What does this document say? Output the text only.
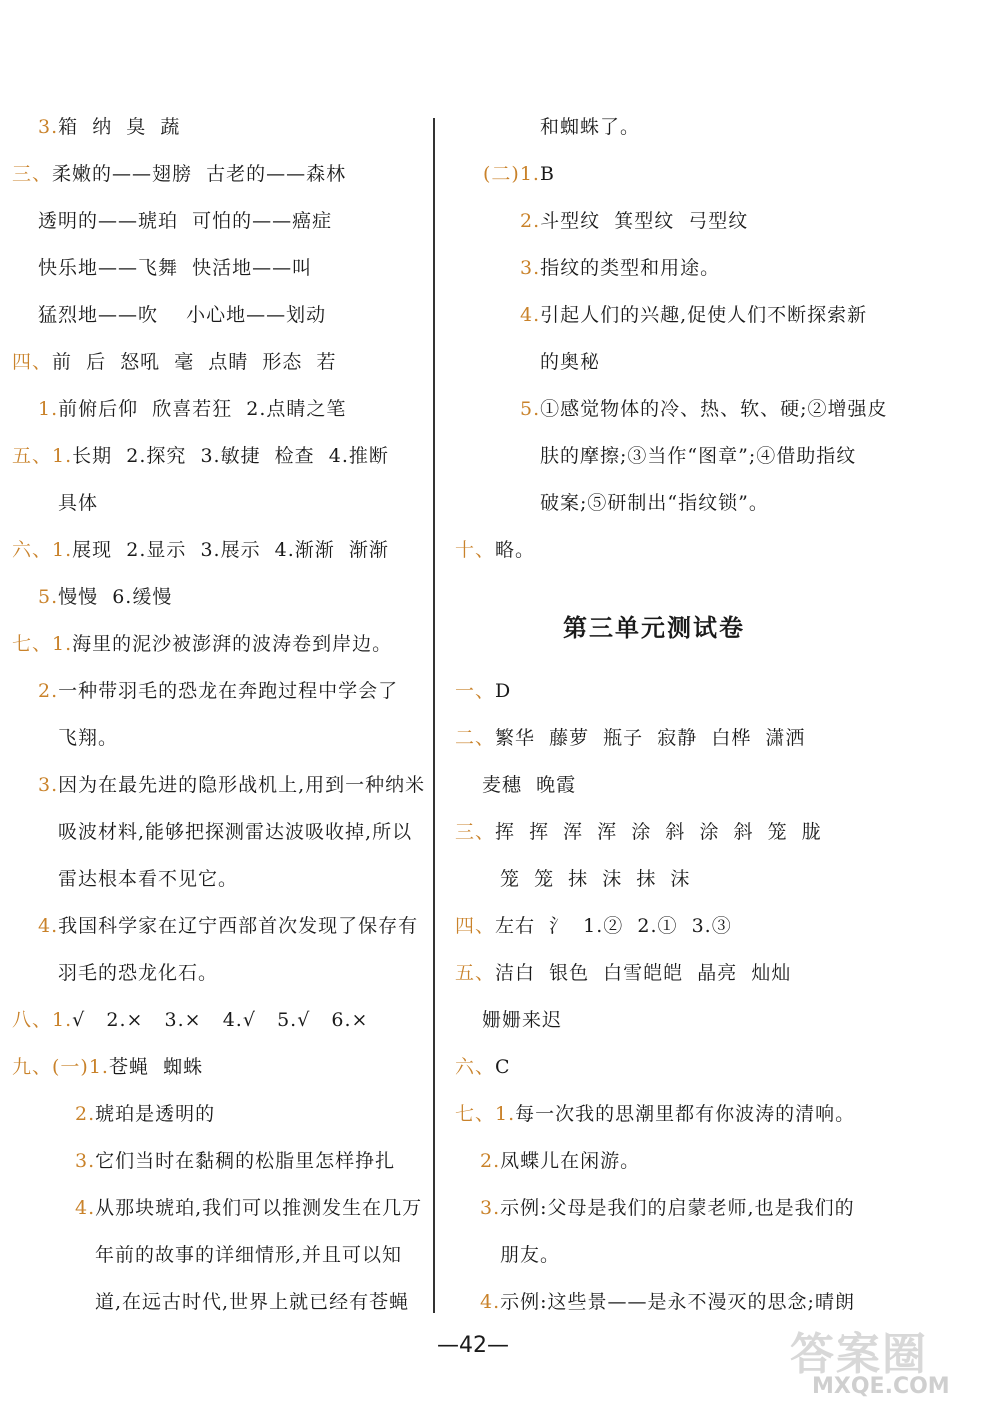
3.箱  纳  臭  蔬
三、柔嫩的——翅膀  古老的——森林
透明的——琥珀  可怕的——癌症
快乐地——飞舞  快活地——叫
猛烈地——吹    小心地——划动
四、前  后  怒吼  毫  点睛  形态  若
1.前俯后仰  欣喜若狂  2.点睛之笔
五、1.长期  2.探究  3.敏捷  检查  4.推断
具体
六、1.展现  2.显示  3.展示  4.渐渐  渐渐
5.慢慢  6.缓慢
七、1.海里的泥沙被澎湃的波涛卷到岸边。
2.一种带羽毛的恐龙在奔跑过程中学会了
飞翔。
3.因为在最先进的隐形战机上,用到一种纳米
吸波材料,能够把探测雷达波吸收掉,所以
雷达根本看不见它。
4.我国科学家在辽宁西部首次发现了保存有
羽毛的恐龙化石。
八、1.√   2.×   3.×   4.√   5.√   6.×
九、(一)1.苍蝇  蜘蛛
2.琥珀是透明的
3.它们当时在黏稠的松脂里怎样挣扎
4.从那块琥珀,我们可以推测发生在几万
年前的故事的详细情形,并且可以知
道,在远古时代,世界上就已经有苍蝇
和蜘蛛了。
(二)1.B
2.斗型纹  箕型纹  弓型纹
3.指纹的类型和用途。
4.引起人们的兴趣,促使人们不断探索新
的奥秘
5.①感觉物体的冷、热、软、硬;②增强皮
肤的摩擦;③当作“图章”;④借助指纹
破案;⑤研制出“指纹锁”。
十、略。
第三单元测试卷
一、D
二、繁华  藤萝  瓶子  寂静  白桦  潇洒
麦穗  晚霞
三、挥  挥  浑  浑  涂  斜  涂  斜  笼  胧
笼  笼  抹  沫  抹  沫
四、左右  氵  1.②  2.①  3.③
五、洁白  银色  白雪皑皑  晶亮  灿灿
姗姗来迟
六、C
七、1.每一次我的思潮里都有你波涛的清响。
2.凤蝶儿在闲游。
3.示例:父母是我们的启蒙老师,也是我们的
朋友。
4.示例:这些景——是永不漫灭的思念;晴朗
—42—	答案圈
MXQE.COM
